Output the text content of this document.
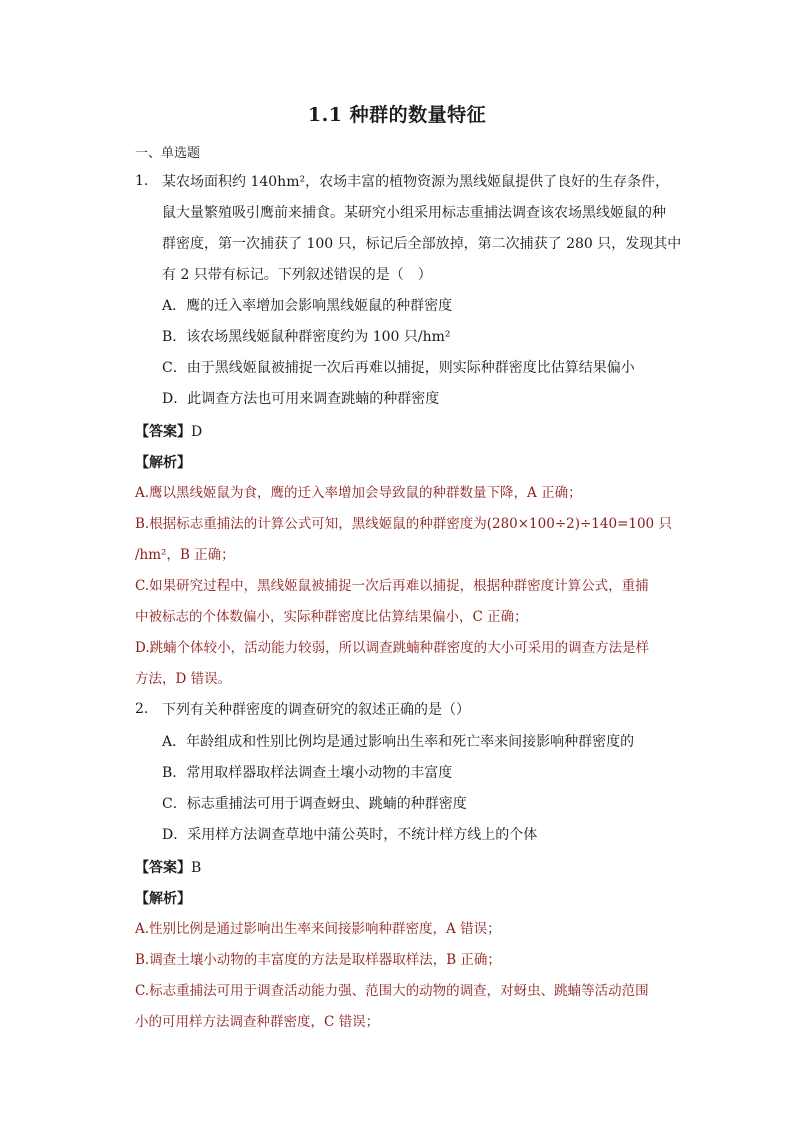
1.1 种群的数量特征
一、单选题
1. 某农场面积约 140hm²，农场丰富的植物资源为黑线姬鼠提供了良好的生存条件，
鼠大量繁殖吸引鹰前来捕食。某研究小组采用标志重捕法调查该农场黑线姬鼠的种
群密度，第一次捕获了 100 只，标记后全部放掉，第二次捕获了 280 只，发现其中
有 2 只带有标记。下列叙述错误的是（　）
A．鹰的迁入率增加会影响黑线姬鼠的种群密度
B．该农场黑线姬鼠种群密度约为 100 只/hm²
C．由于黑线姬鼠被捕捉一次后再难以捕捉，则实际种群密度比估算结果偏小
D．此调查方法也可用来调查跳蝻的种群密度
【答案】D
【解析】
A.鹰以黑线姬鼠为食，鹰的迁入率增加会导致鼠的种群数量下降，A 正确；
B.根据标志重捕法的计算公式可知，黑线姬鼠的种群密度为(280×100÷2)÷140=100 只
/hm²，B 正确；
C.如果研究过程中，黑线姬鼠被捕捉一次后再难以捕捉，根据种群密度计算公式，重捕
中被标志的个体数偏小，实际种群密度比估算结果偏小，C 正确；
D.跳蝻个体较小，活动能力较弱，所以调查跳蝻种群密度的大小可采用的调查方法是样
方法，D 错误。
2. 下列有关种群密度的调查研究的叙述正确的是（）
A．年龄组成和性别比例均是通过影响出生率和死亡率来间接影响种群密度的
B．常用取样器取样法调查土壤小动物的丰富度
C．标志重捕法可用于调查蚜虫、跳蝻的种群密度
D．采用样方法调查草地中蒲公英时，不统计样方线上的个体
【答案】B
【解析】
A.性别比例是通过影响出生率来间接影响种群密度，A 错误；
B.调查土壤小动物的丰富度的方法是取样器取样法，B 正确；
C.标志重捕法可用于调查活动能力强、范围大的动物的调查，对蚜虫、跳蝻等活动范围
小的可用样方法调查种群密度，C 错误；
